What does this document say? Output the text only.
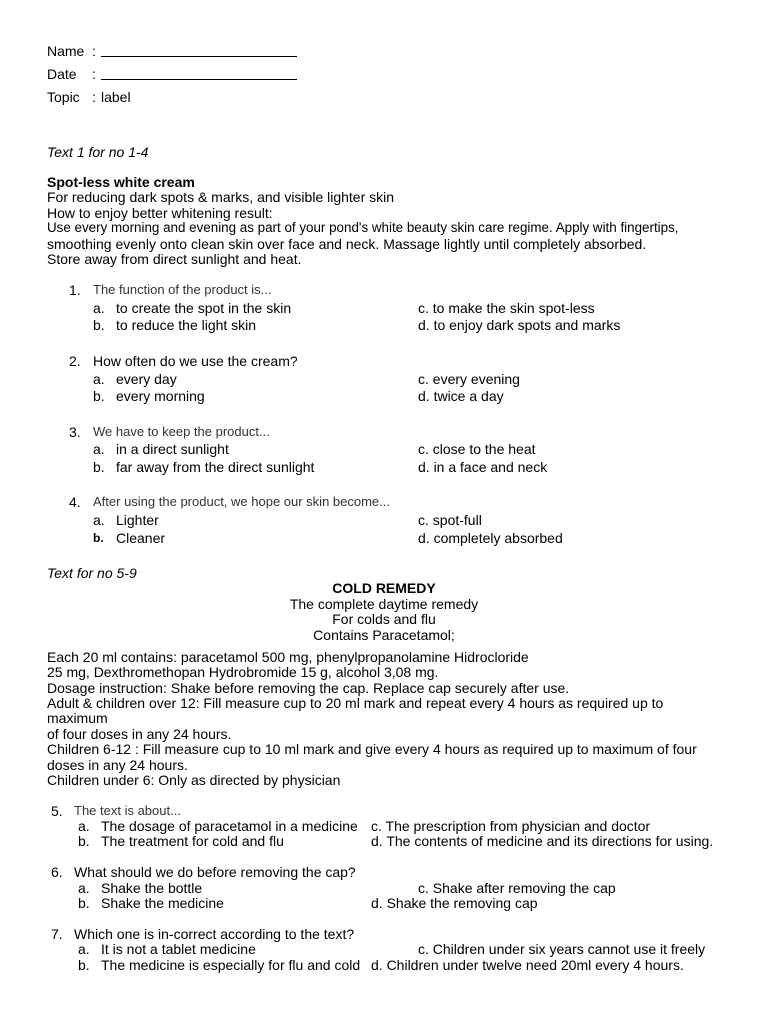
Name :
Date :
Topic : label
Text 1 for no 1-4
Spot-less white cream
For reducing dark spots & marks, and visible lighter skin
How to enjoy better whitening result:
Use every morning and evening as part of your pond's white beauty skin care regime. Apply with fingertips,
smoothing evenly onto clean skin over face and neck. Massage lightly until completely absorbed.
Store away from direct sunlight and heat.
1. The function of the product is...
a. to create the spot in the skin
b. to reduce the light skin
c. to make the skin spot-less
d. to enjoy dark spots and marks
2. How often do we use the cream?
a. every day
b. every morning
c. every evening
d. twice a day
3. We have to keep the product...
a. in a direct sunlight
b. far away from the direct sunlight
c. close to the heat
d. in a face and neck
4. After using the product, we hope our skin become...
a. Lighter
b. Cleaner
c. spot-full
d. completely absorbed
Text for no 5-9
COLD REMEDY
The complete daytime remedy
For colds and flu
Contains Paracetamol;
Each 20 ml contains: paracetamol 500 mg, phenylpropanolamine Hidrocloride
25 mg, Dexthromethopan Hydrobromide 15 g, alcohol 3,08 mg.
Dosage instruction: Shake before removing the cap. Replace cap securely after use.
Adult & children over 12: Fill measure cup to 20 ml mark and repeat every 4 hours as required up to
maximum
of four doses in any 24 hours.
Children 6-12 : Fill measure cup to 10 ml mark and give every 4 hours as required up to maximum of four
doses in any 24 hours.
Children under 6: Only as directed by physician
5. The text is about...
a. The dosage of paracetamol in a medicine
b. The treatment for cold and flu
c. The prescription from physician and doctor
d. The contents of medicine and its directions for using.
6. What should we do before removing the cap?
a. Shake the bottle
b. Shake the medicine
c. Shake after removing the cap
d. Shake the removing cap
7. Which one is in-correct according to the text?
a. It is not a tablet medicine
b. The medicine is especially for flu and cold
c. Children under six years cannot use it freely
d. Children under twelve need 20ml every 4 hours.
